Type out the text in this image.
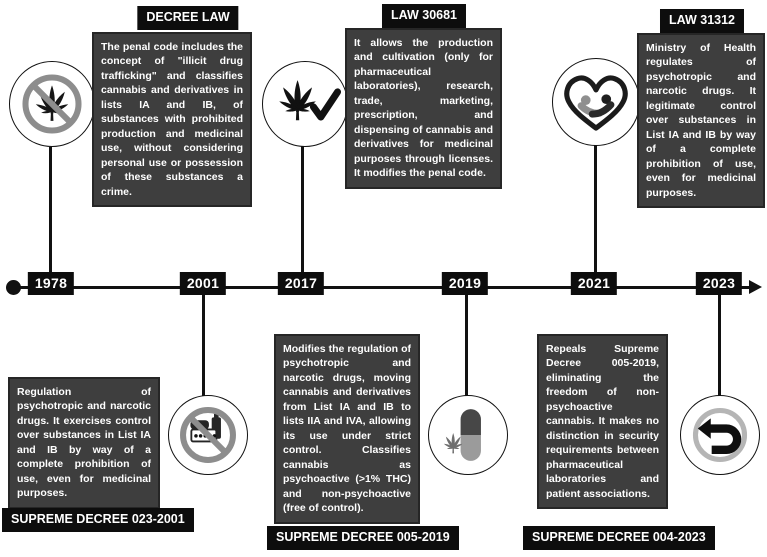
1978	2001	2017	2019	2021	2023
DECREE LAW
The penal code includes the concept of "illicit drug trafficking" and classifies cannabis and derivatives in lists IA and IB, of substances with prohibited production and medicinal use, without considering personal use or possession of these substances a crime.
LAW 30681
It allows the production and cultivation (only for pharmaceutical laboratories), research, trade, marketing, prescription, and dispensing of cannabis and derivatives for medicinal purposes through licenses. It modifies the penal code.
LAW 31312
Ministry of Health regulates of psychotropic and narcotic drugs. It legitimate control over substances in List IA and IB by way of a complete prohibition of use, even for medicinal purposes.
Regulation of psychotropic and narcotic drugs. It exercises control over substances in List IA and IB by way of a complete prohibition of use, even for medicinal purposes.
SUPREME DECREE 023-2001
Modifies the regulation of psychotropic and narcotic drugs, moving cannabis and derivatives from List IA and IB to lists IIA and IVA, allowing its use under strict control. Classifies cannabis as psychoactive (>1% THC) and non-psychoactive (free of control).
SUPREME DECREE 005-2019
Repeals Supreme Decree 005-2019, eliminating the freedom of non-psychoactive cannabis. It makes no distinction in security requirements between pharmaceutical laboratories and patient associations.
SUPREME DECREE 004-2023
